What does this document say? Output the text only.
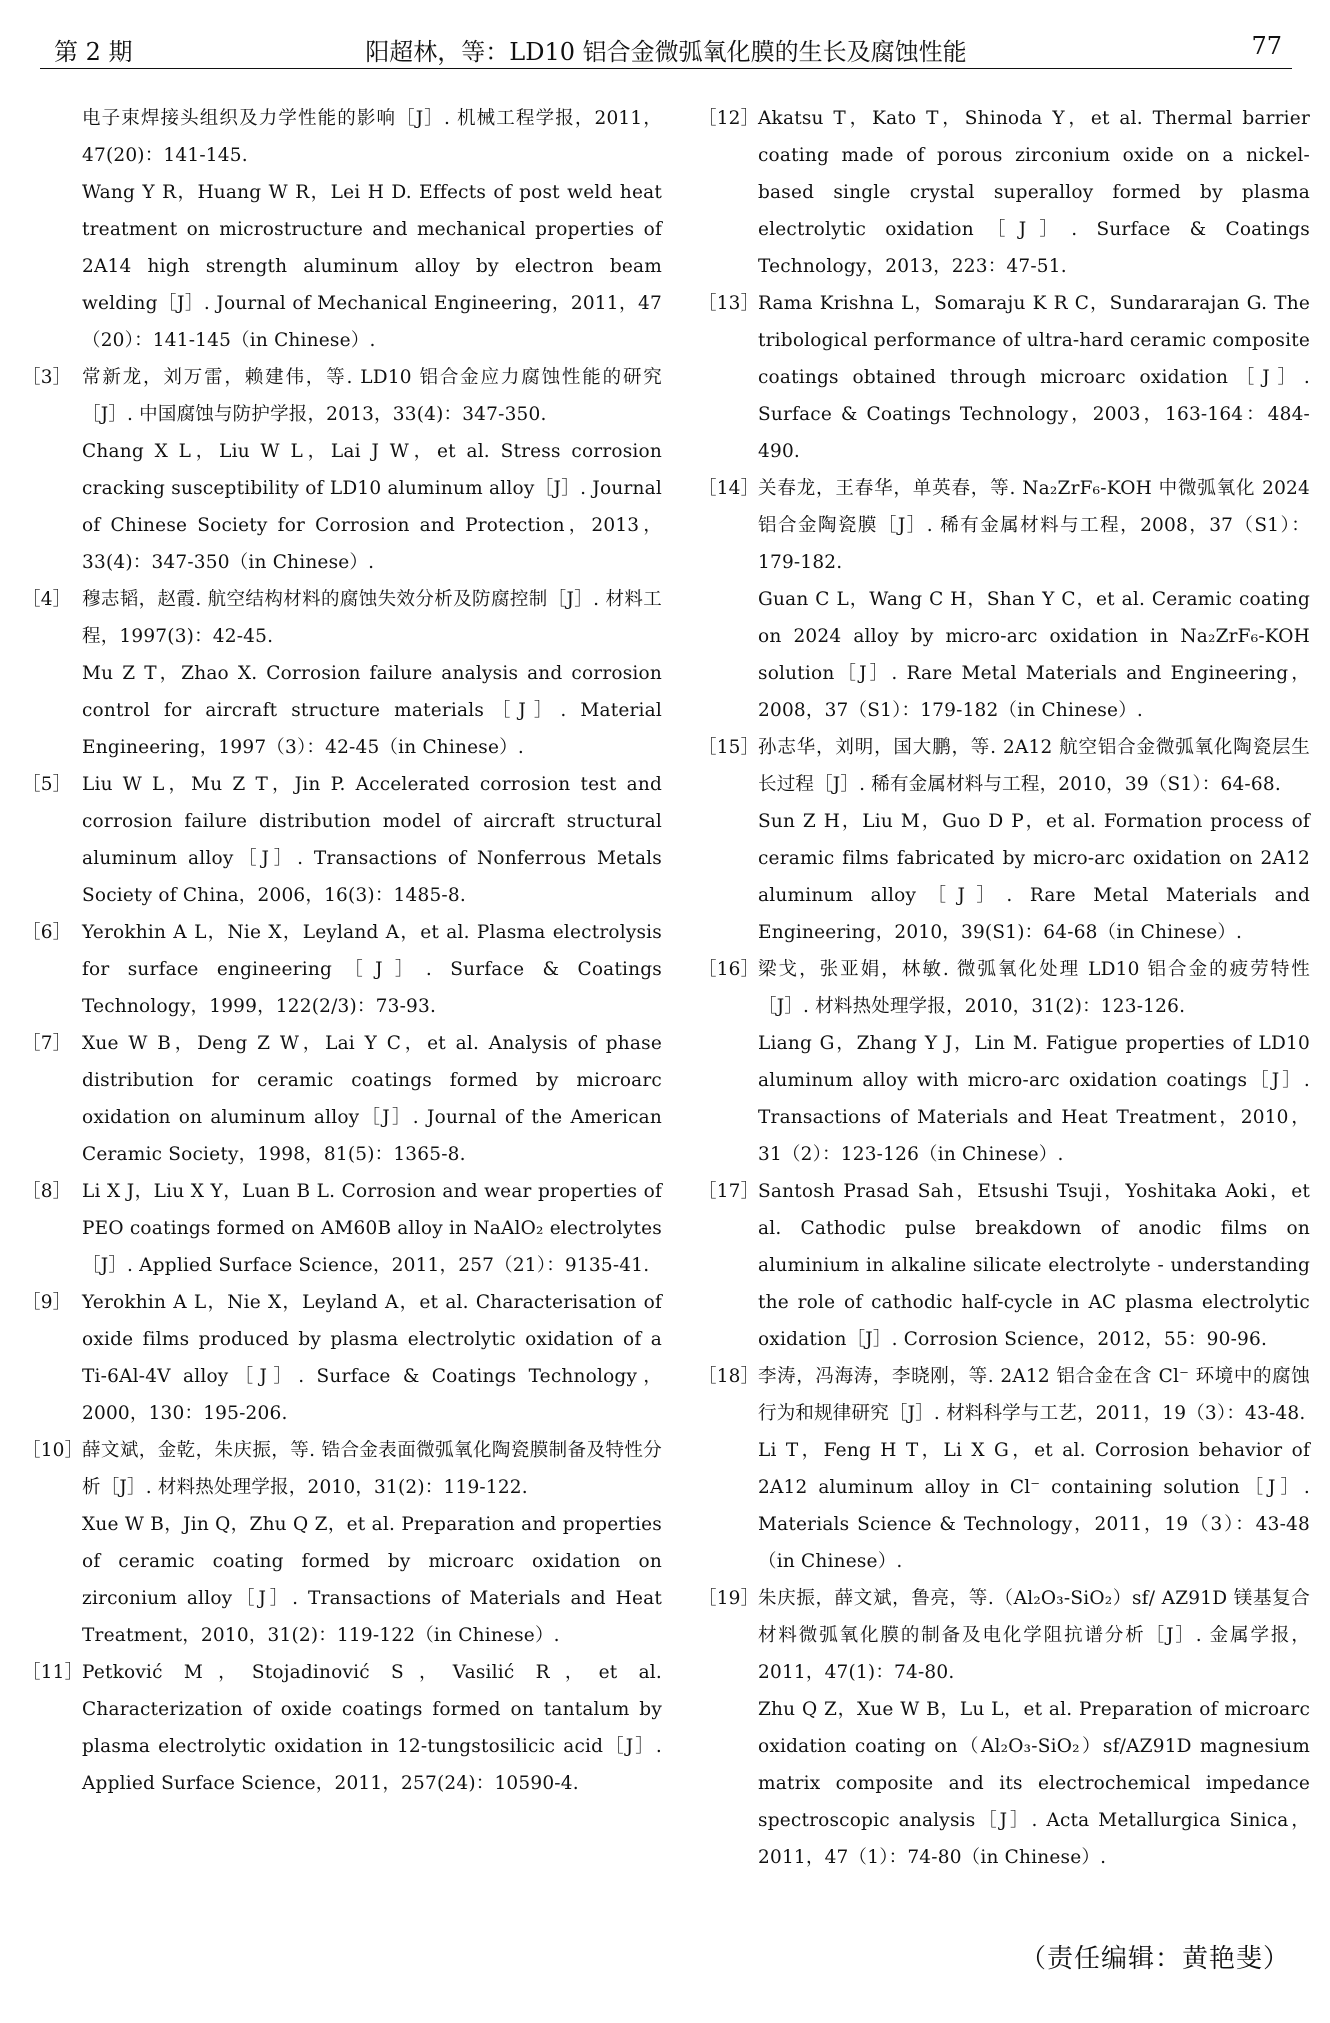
第 2 期	阳超林，等：LD10 铝合金微弧氧化膜的生长及腐蚀性能	77
电子束焊接头组织及力学性能的影响［J］. 机械工程学报，2011，47(20)：141-145.
Wang Y R，Huang W R，Lei H D. Effects of post weld heat treatment on microstructure and mechanical properties of 2A14 high strength aluminum alloy by electron beam welding［J］. Journal of Mechanical Engineering，2011，47（20）：141-145（in Chinese）.
［3］ 常新龙，刘万雷，赖建伟，等. LD10 铝合金应力腐蚀性能的研究［J］. 中国腐蚀与防护学报，2013，33(4)：347-350.
Chang X L，Liu W L，Lai J W，et al. Stress corrosion cracking susceptibility of LD10 aluminum alloy［J］. Journal of Chinese Society for Corrosion and Protection，2013，33(4)：347-350（in Chinese）.
［4］ 穆志韬，赵霞. 航空结构材料的腐蚀失效分析及防腐控制［J］. 材料工程，1997(3)：42-45.
Mu Z T，Zhao X. Corrosion failure analysis and corrosion control for aircraft structure materials［J］. Material Engineering，1997（3）：42-45（in Chinese）.
［5］ Liu W L，Mu Z T，Jin P. Accelerated corrosion test and corrosion failure distribution model of aircraft structural aluminum alloy［J］. Transactions of Nonferrous Metals Society of China，2006，16(3)：1485-8.
［6］ Yerokhin A L，Nie X，Leyland A，et al. Plasma electrolysis for surface engineering［J］. Surface & Coatings Technology，1999，122(2/3)：73-93.
［7］ Xue W B，Deng Z W，Lai Y C，et al. Analysis of phase distribution for ceramic coatings formed by microarc oxidation on aluminum alloy［J］. Journal of the American Ceramic Society，1998，81(5)：1365-8.
［8］ Li X J，Liu X Y，Luan B L. Corrosion and wear properties of PEO coatings formed on AM60B alloy in NaAlO₂ electrolytes［J］. Applied Surface Science，2011，257（21）：9135-41.
［9］ Yerokhin A L，Nie X，Leyland A，et al. Characterisation of oxide films produced by plasma electrolytic oxidation of a Ti-6Al-4V alloy［J］. Surface & Coatings Technology，2000，130：195-206.
［10］
薛文斌，金乾，朱庆振，等. 锆合金表面微弧氧化陶瓷膜制备及特性分析［J］. 材料热处理学报，2010，31(2)：119-122.
Xue W B，Jin Q，Zhu Q Z，et al. Preparation and properties of ceramic coating formed by microarc oxidation on zirconium alloy［J］. Transactions of Materials and Heat Treatment，2010，31(2)：119-122（in Chinese）.
［11］
Petković M，Stojadinović S，Vasilić R，et al. Characterization of oxide coatings formed on tantalum by plasma electrolytic oxidation in 12-tungstosilicic acid［J］. Applied Surface Science，2011，257(24)：10590-4.
［12］
Akatsu T，Kato T，Shinoda Y，et al. Thermal barrier coating made of porous zirconium oxide on a nickel-based single crystal superalloy formed by plasma electrolytic oxidation［J］. Surface & Coatings Technology，2013，223：47-51.
［13］
Rama Krishna L，Somaraju K R C，Sundararajan G. The tribological performance of ultra-hard ceramic composite coatings obtained through microarc oxidation［J］. Surface & Coatings Technology，2003，163-164：484-490.
［14］
关春龙，王春华，单英春，等. Na₂ZrF₆-KOH 中微弧氧化 2024 铝合金陶瓷膜［J］. 稀有金属材料与工程，2008，37（S1）：179-182.
Guan C L，Wang C H，Shan Y C，et al. Ceramic coating on 2024 alloy by micro-arc oxidation in Na₂ZrF₆-KOH solution［J］. Rare Metal Materials and Engineering，2008，37（S1）：179-182（in Chinese）.
［15］
孙志华，刘明，国大鹏，等. 2A12 航空铝合金微弧氧化陶瓷层生长过程［J］. 稀有金属材料与工程，2010，39（S1）：64-68.
Sun Z H，Liu M，Guo D P，et al. Formation process of ceramic films fabricated by micro-arc oxidation on 2A12 aluminum alloy［J］. Rare Metal Materials and Engineering，2010，39(S1)：64-68（in Chinese）.
［16］
梁戈，张亚娟，林敏. 微弧氧化处理 LD10 铝合金的疲劳特性［J］. 材料热处理学报，2010，31(2)：123-126.
Liang G，Zhang Y J，Lin M. Fatigue properties of LD10 aluminum alloy with micro-arc oxidation coatings［J］. Transactions of Materials and Heat Treatment，2010，31（2）：123-126（in Chinese）.
［17］
Santosh Prasad Sah，Etsushi Tsuji，Yoshitaka Aoki，et al. Cathodic pulse breakdown of anodic films on aluminium in alkaline silicate electrolyte - understanding the role of cathodic half-cycle in AC plasma electrolytic oxidation［J］. Corrosion Science，2012，55：90-96.
［18］
李涛，冯海涛，李晓刚，等. 2A12 铝合金在含 Cl⁻ 环境中的腐蚀行为和规律研究［J］. 材料科学与工艺，2011，19（3）：43-48.
Li T，Feng H T，Li X G，et al. Corrosion behavior of 2A12 aluminum alloy in Cl⁻ containing solution［J］. Materials Science & Technology，2011，19（3）：43-48（in Chinese）.
［19］
朱庆振，薛文斌，鲁亮，等.（Al₂O₃-SiO₂）sf/ AZ91D 镁基复合材料微弧氧化膜的制备及电化学阻抗谱分析［J］. 金属学报，2011，47(1)：74-80.
Zhu Q Z，Xue W B，Lu L，et al. Preparation of microarc oxidation coating on（Al₂O₃-SiO₂）sf/AZ91D magnesium matrix composite and its electrochemical impedance spectroscopic analysis［J］. Acta Metallurgica Sinica，2011，47（1）：74-80（in Chinese）.
（责任编辑：黄艳斐）
